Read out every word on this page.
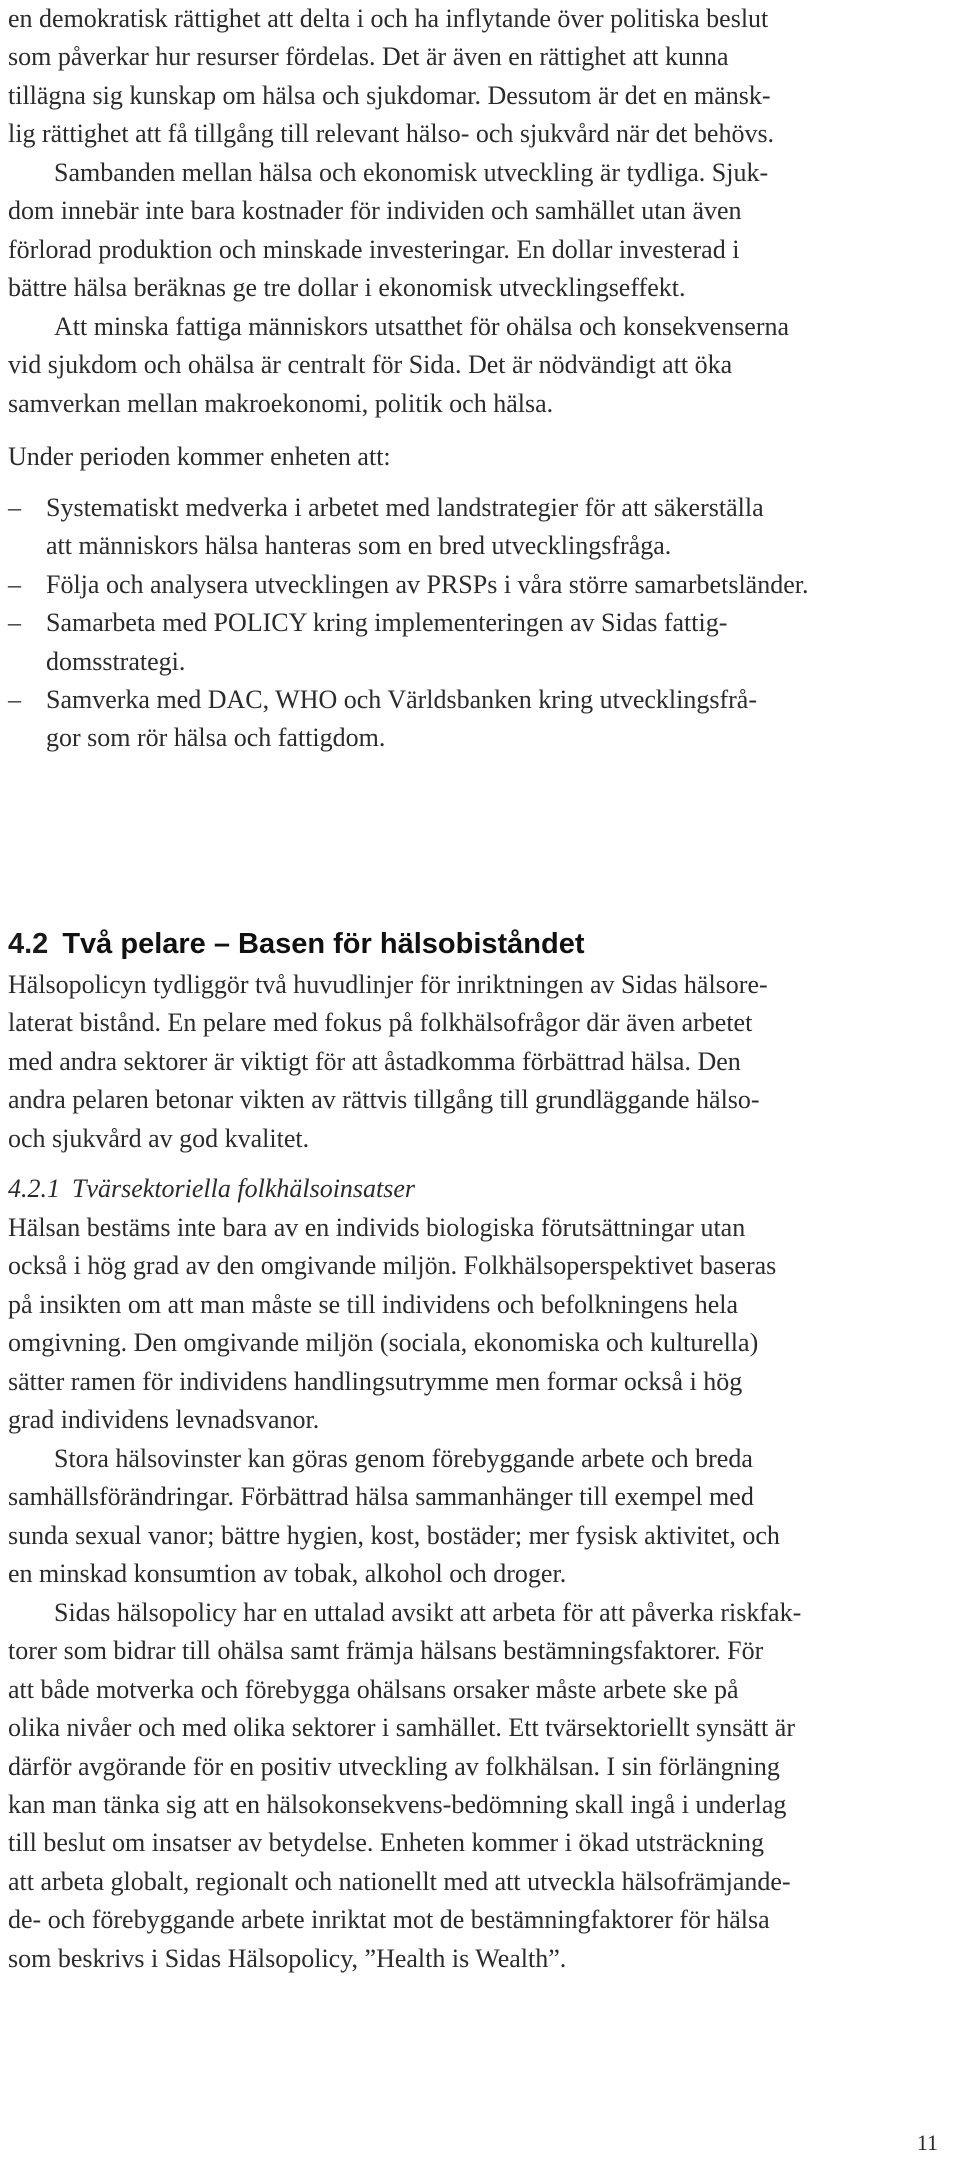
en demokratisk rättighet att delta i och ha inflytande över politiska beslut
som påverkar hur resurser fördelas. Det är även en rättighet att kunna
tillägna sig kunskap om hälsa och sjukdomar. Dessutom är det en mänsk-
lig rättighet att få tillgång till relevant hälso- och sjukvård när det behövs.
Sambanden mellan hälsa och ekonomisk utveckling är tydliga. Sjuk-
dom innebär inte bara kostnader för individen och samhället utan även
förlorad produktion och minskade investeringar. En dollar investerad i
bättre hälsa beräknas ge tre dollar i ekonomisk utvecklingseffekt.
Att minska fattiga människors utsatthet för ohälsa och konsekvenserna
vid sjukdom och ohälsa är centralt för Sida. Det är nödvändigt att öka
samverkan mellan makroekonomi, politik och hälsa.
Under perioden kommer enheten att:
– Systematiskt medverka i arbetet med landstrategier för att säkerställa
att människors hälsa hanteras som en bred utvecklingsfråga.
– Följa och analysera utvecklingen av PRSPs i våra större samarbetsländer.
– Samarbeta med POLICY kring implementeringen av Sidas fattig-
domsstrategi.
– Samverka med DAC, WHO och Världsbanken kring utvecklingsfrå-
gor som rör hälsa och fattigdom.
4.2 Två pelare – Basen för hälsobiståndet
Hälsopolicyn tydliggör två huvudlinjer för inriktningen av Sidas hälsore-
laterat bistånd. En pelare med fokus på folkhälsofrågor där även arbetet
med andra sektorer är viktigt för att åstadkomma förbättrad hälsa. Den
andra pelaren betonar vikten av rättvis tillgång till grundläggande hälso-
och sjukvård av god kvalitet.
4.2.1 Tvärsektoriella folkhälsoinsatser
Hälsan bestäms inte bara av en individs biologiska förutsättningar utan
också i hög grad av den omgivande miljön. Folkhälsoperspektivet baseras
på insikten om att man måste se till individens och befolkningens hela
omgivning. Den omgivande miljön (sociala, ekonomiska och kulturella)
sätter ramen för individens handlingsutrymme men formar också i hög
grad individens levnadsvanor.
Stora hälsovinster kan göras genom förebyggande arbete och breda
samhällsförändringar. Förbättrad hälsa sammanhänger till exempel med
sunda sexual vanor; bättre hygien, kost, bostäder; mer fysisk aktivitet, och
en minskad konsumtion av tobak, alkohol och droger.
Sidas hälsopolicy har en uttalad avsikt att arbeta för att påverka riskfak-
torer som bidrar till ohälsa samt främja hälsans bestämningsfaktorer. För
att både motverka och förebygga ohälsans orsaker måste arbete ske på
olika nivåer och med olika sektorer i samhället. Ett tvärsektoriellt synsätt är
därför avgörande för en positiv utveckling av folkhälsan. I sin förlängning
kan man tänka sig att en hälsokonsekvens-bedömning skall ingå i underlag
till beslut om insatser av betydelse. Enheten kommer i ökad utsträckning
att arbeta globalt, regionalt och nationellt med att utveckla hälsofrämjande-
de- och förebyggande arbete inriktat mot de bestämningfaktorer för hälsa
som beskrivs i Sidas Hälsopolicy, ”Health is Wealth”.
11
